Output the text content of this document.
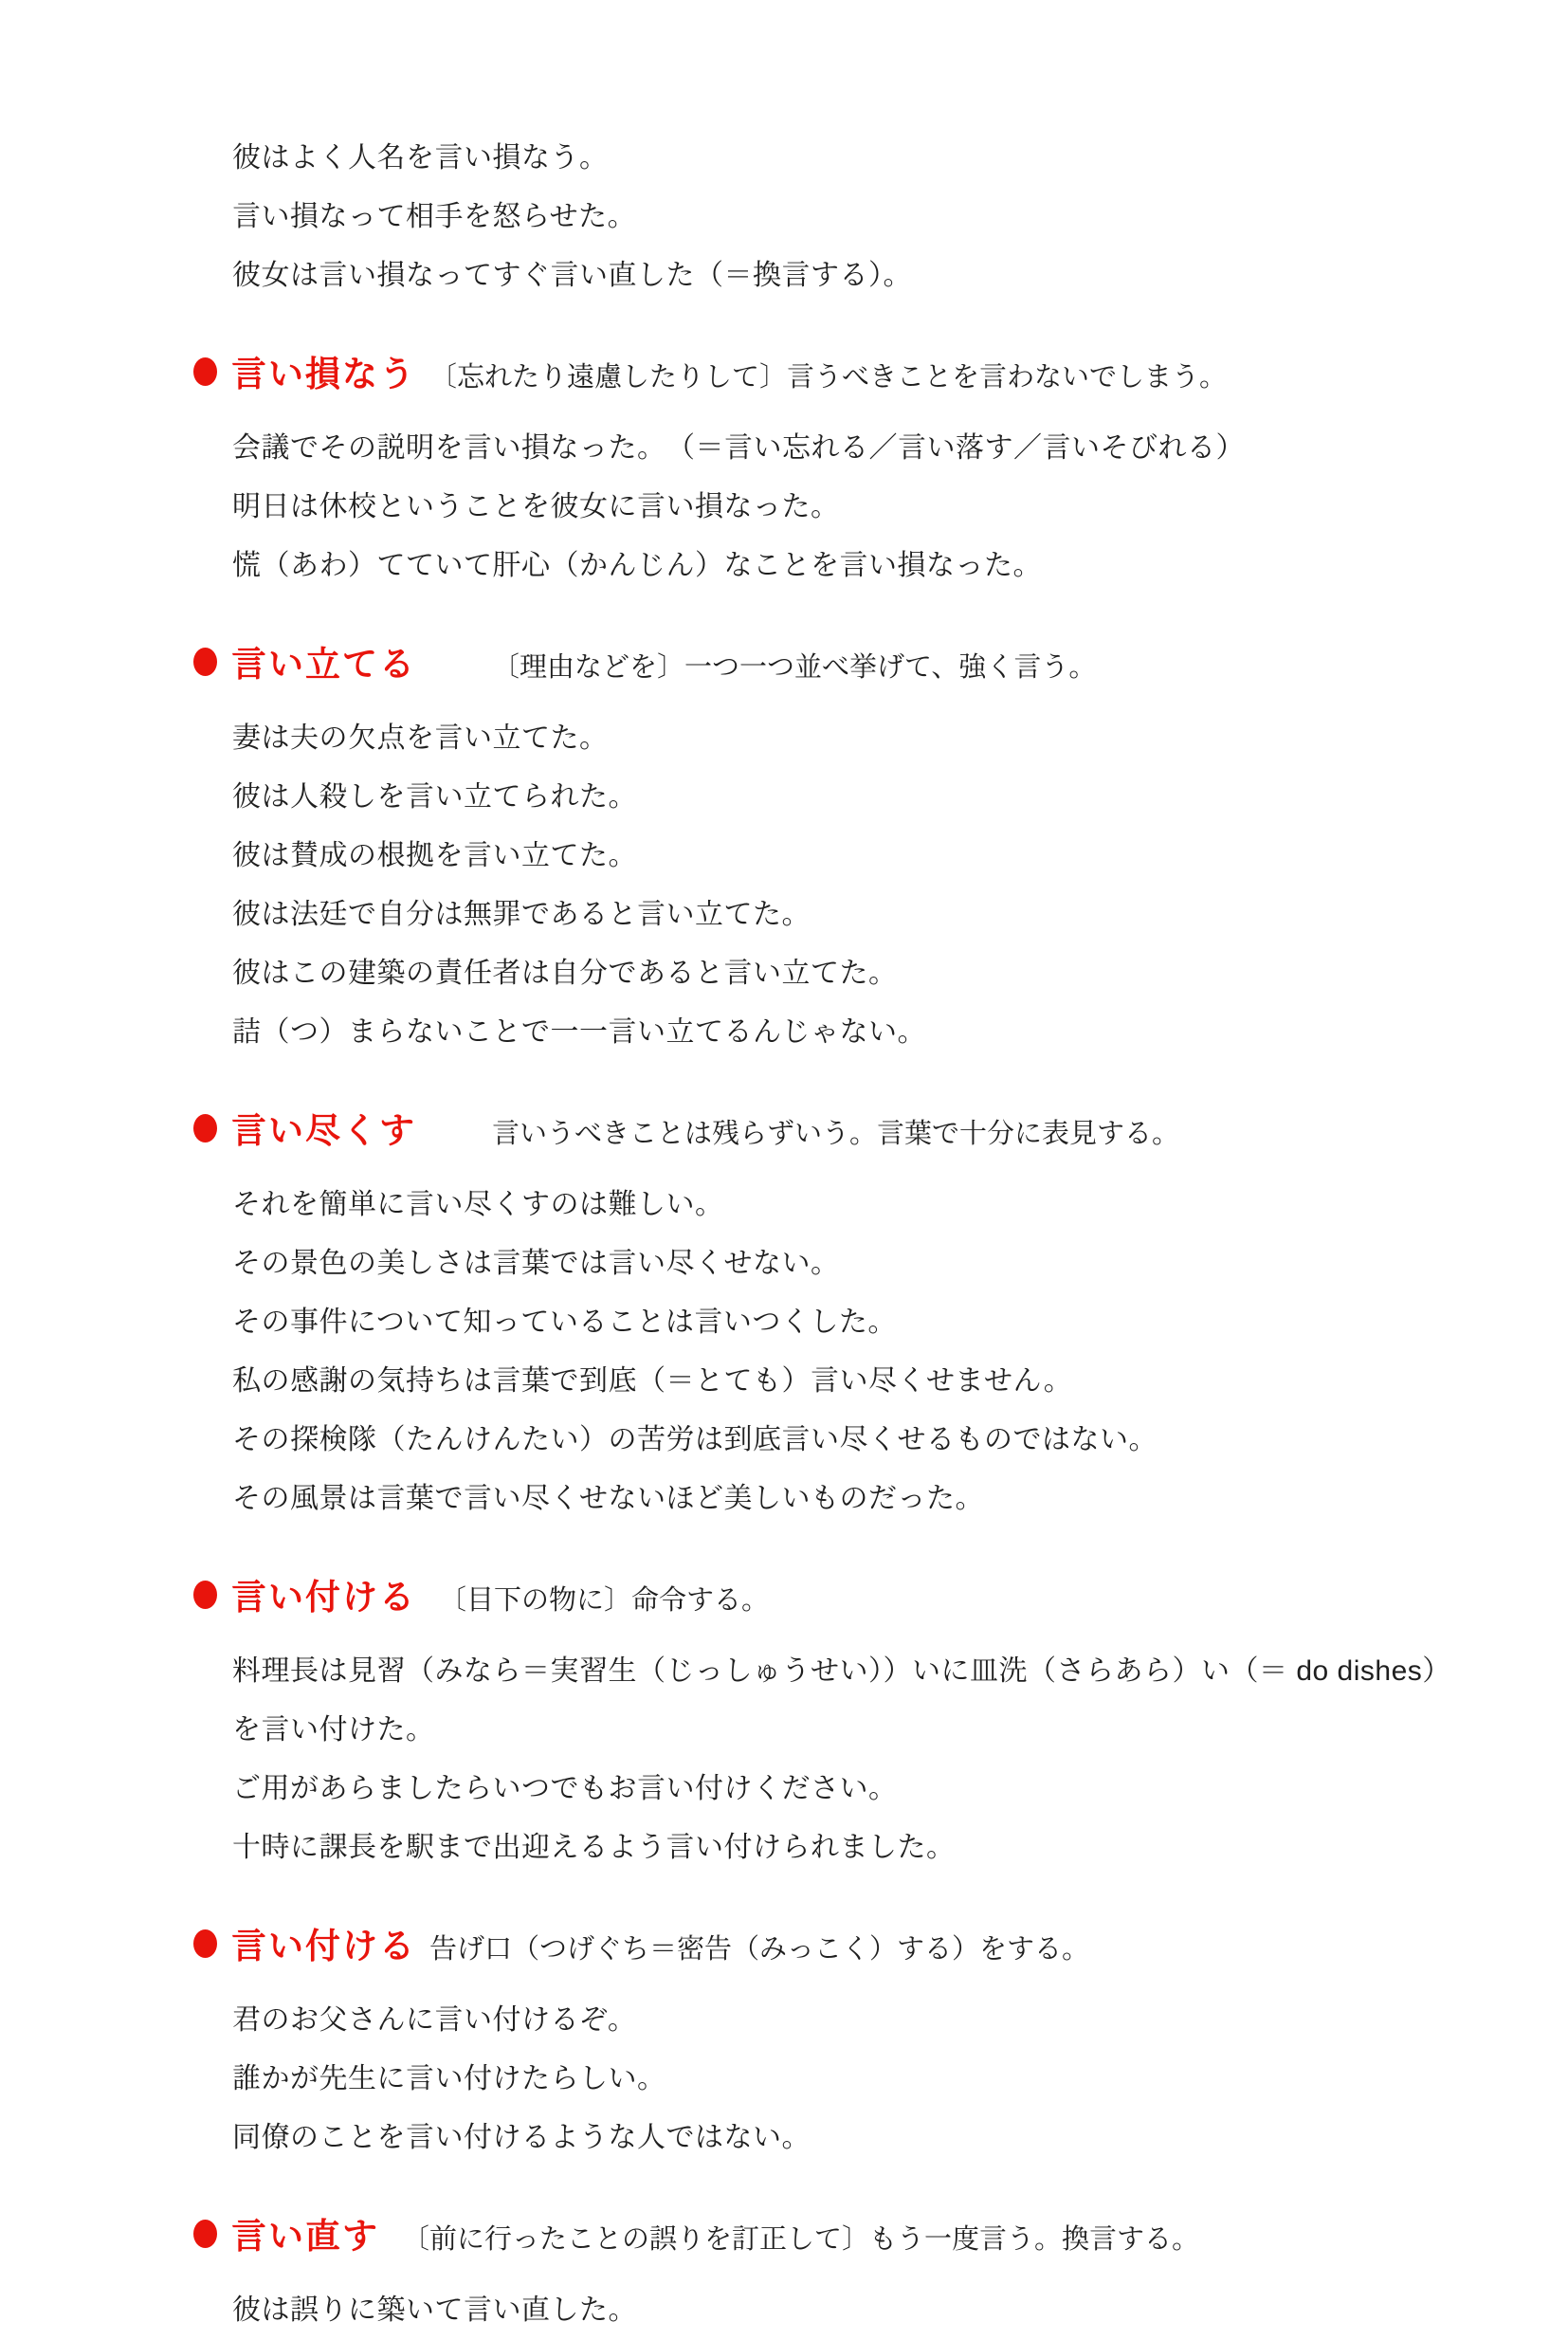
彼はよく人名を言い損なう。

言い損なって相手を怒らせた。

彼女は言い損なってすぐ言い直した（＝換言する）。

言い損なう 〔忘れたり遠慮したりして〕言うべきことを言わないでしまう。

会議でその説明を言い損なった。　（＝言い忘れる／言い落す／言いそびれる）

明日は休校ということを彼女に言い損なった。

慌（あわ）てていて肝心（かんじん）なことを言い損なった。

言い立てる	〔理由などを〕一つ一つ並べ挙げて、強く言う。

妻は夫の欠点を言い立てた。

彼は人殺しを言い立てられた。

彼は賛成の根拠を言い立てた。

彼は法廷で自分は無罪であると言い立てた。

彼はこの建築の責任者は自分であると言い立てた。

詰（つ）まらないことで一一言い立てるんじゃない。

言い尽くす	言いうべきことは残らずいう。言葉で十分に表見する。

それを簡単に言い尽くすのは難しい。

その景色の美しさは言葉では言い尽くせない。

その事件について知っていることは言いつくした。

私の感謝の気持ちは言葉で到底（＝とても）言い尽くせません。

その探検隊（たんけんたい）の苦労は到底言い尽くせるものではない。

その風景は言葉で言い尽くせないほど美しいものだった。

言い付ける 〔目下の物に〕命令する。

料理長は見習（みなら＝実習生（じっしゅうせい））いに皿洗（さらあら）い（＝ do dishes）を言い付けた。

ご用があらましたらいつでもお言い付けください。

十時に課長を駅まで出迎えるよう言い付けられました。

言い付ける 告げ口（つげぐち＝密告（みっこく）する）をする。

君のお父さんに言い付けるぞ。

誰かが先生に言い付けたらしい。

同僚のことを言い付けるような人ではない。

言い直す 〔前に行ったことの誤りを訂正して〕もう一度言う。換言する。

彼は誤りに築いて言い直した。
